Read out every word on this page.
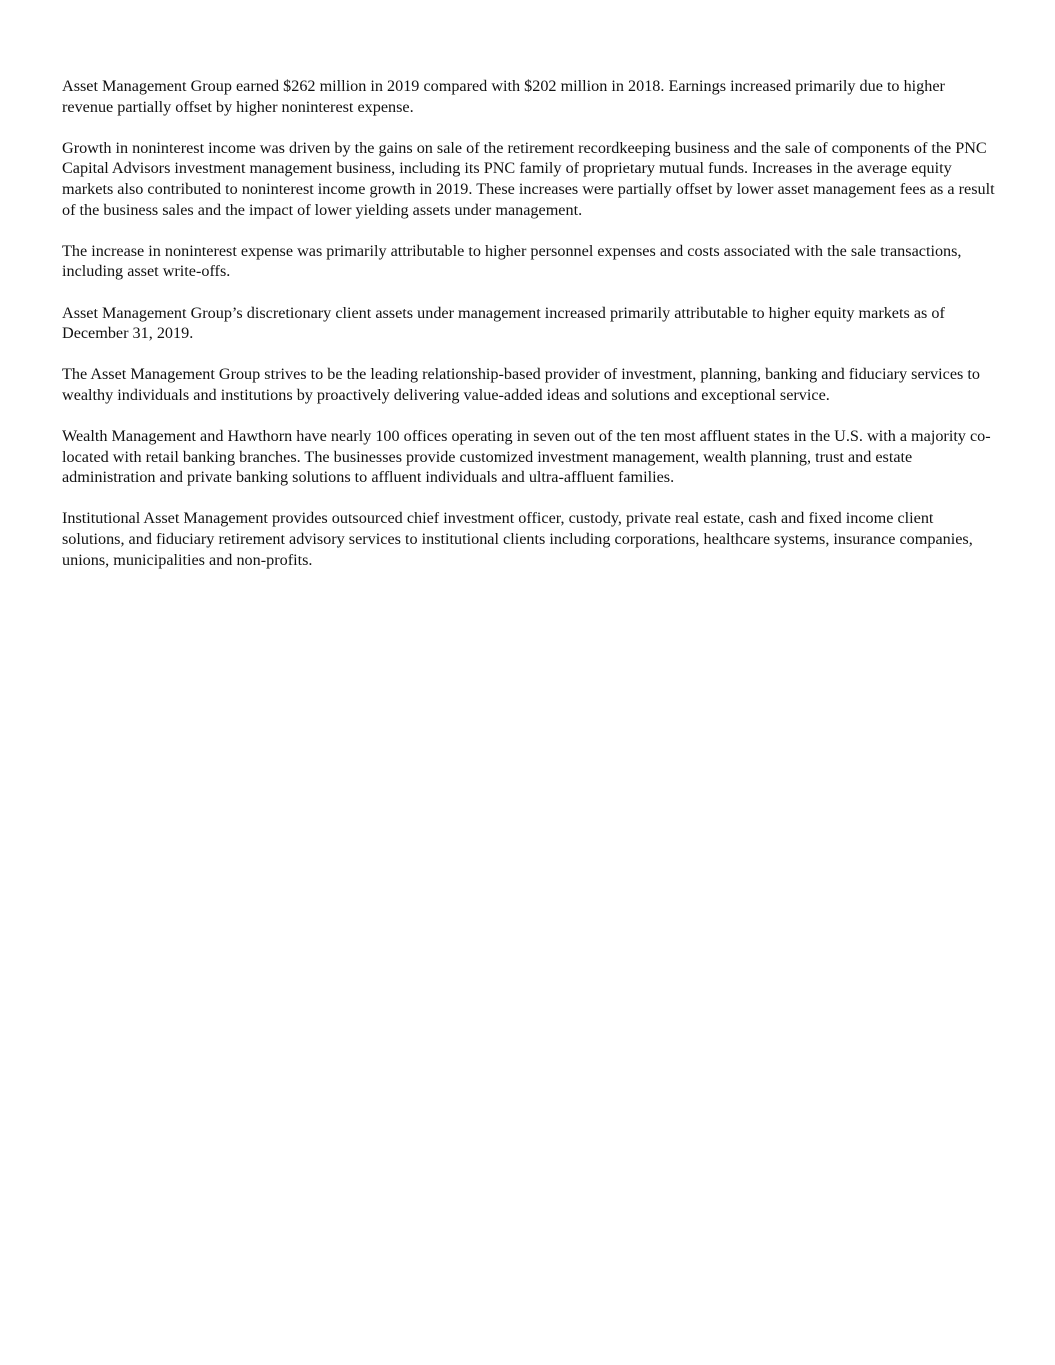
Asset Management Group earned $262 million in 2019 compared with $202 million in 2018. Earnings increased primarily due to higher revenue partially offset by higher noninterest expense.

Growth in noninterest income was driven by the gains on sale of the retirement recordkeeping business and the sale of components of the PNC Capital Advisors investment management business, including its PNC family of proprietary mutual funds. Increases in the average equity markets also contributed to noninterest income growth in 2019. These increases were partially offset by lower asset management fees as a result of the business sales and the impact of lower yielding assets under management.

The increase in noninterest expense was primarily attributable to higher personnel expenses and costs associated with the sale transactions, including asset write-offs.

Asset Management Group’s discretionary client assets under management increased primarily attributable to higher equity markets as of December 31, 2019.

The Asset Management Group strives to be the leading relationship-based provider of investment, planning, banking and fiduciary services to wealthy individuals and institutions by proactively delivering value-added ideas and solutions and exceptional service.

Wealth Management and Hawthorn have nearly 100 offices operating in seven out of the ten most affluent states in the U.S. with a majority co-located with retail banking branches. The businesses provide customized investment management, wealth planning, trust and estate administration and private banking solutions to affluent individuals and ultra-affluent families.

Institutional Asset Management provides outsourced chief investment officer, custody, private real estate, cash and fixed income client solutions, and fiduciary retirement advisory services to institutional clients including corporations, healthcare systems, insurance companies, unions, municipalities and non-profits.
